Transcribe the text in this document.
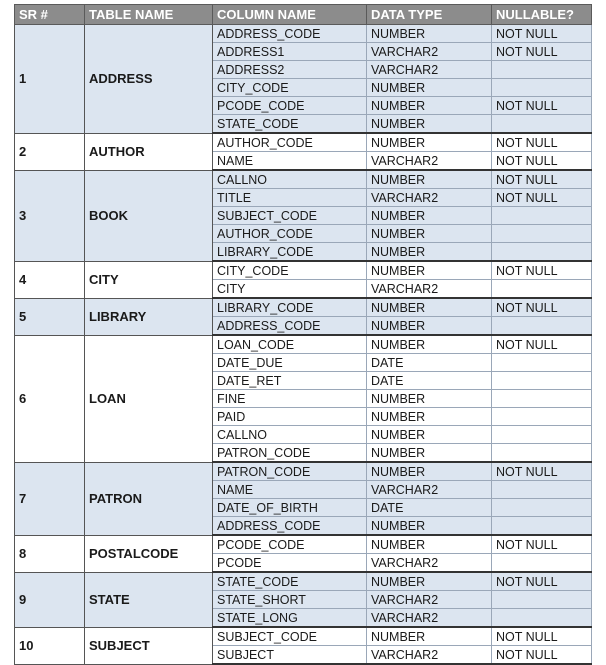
SR #	TABLE NAME	COLUMN NAME	DATA TYPE	NULLABLE?
1	ADDRESS	ADDRESS_CODE	NUMBER	NOT NULL
		ADDRESS1	VARCHAR2	NOT NULL
		ADDRESS2	VARCHAR2	
		CITY_CODE	NUMBER	
		PCODE_CODE	NUMBER	NOT NULL
		STATE_CODE	NUMBER	
2	AUTHOR	AUTHOR_CODE	NUMBER	NOT NULL
		NAME	VARCHAR2	NOT NULL
3	BOOK	CALLNO	NUMBER	NOT NULL
		TITLE	VARCHAR2	NOT NULL
		SUBJECT_CODE	NUMBER	
		AUTHOR_CODE	NUMBER	
		LIBRARY_CODE	NUMBER	
4	CITY	CITY_CODE	NUMBER	NOT NULL
		CITY	VARCHAR2	
5	LIBRARY	LIBRARY_CODE	NUMBER	NOT NULL
		ADDRESS_CODE	NUMBER	
6	LOAN	LOAN_CODE	NUMBER	NOT NULL
		DATE_DUE	DATE	
		DATE_RET	DATE	
		FINE	NUMBER	
		PAID	NUMBER	
		CALLNO	NUMBER	
		PATRON_CODE	NUMBER	
7	PATRON	PATRON_CODE	NUMBER	NOT NULL
		NAME	VARCHAR2	
		DATE_OF_BIRTH	DATE	
		ADDRESS_CODE	NUMBER	
8	POSTALCODE	PCODE_CODE	NUMBER	NOT NULL
		PCODE	VARCHAR2	
9	STATE	STATE_CODE	NUMBER	NOT NULL
		STATE_SHORT	VARCHAR2	
		STATE_LONG	VARCHAR2	
10	SUBJECT	SUBJECT_CODE	NUMBER	NOT NULL
		SUBJECT	VARCHAR2	NOT NULL
